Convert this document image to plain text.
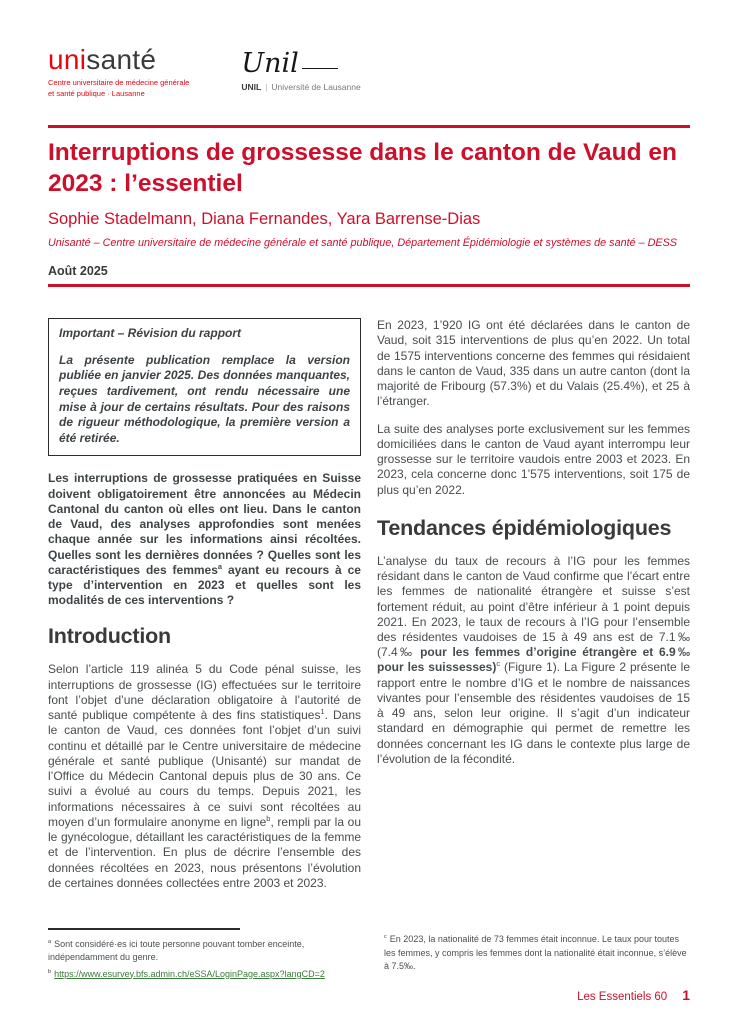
unisanté
Centre universitaire de médecine générale
et santé publique · Lausanne
Unil
UNIL | Université de Lausanne
Interruptions de grossesse dans le canton de Vaud en 2023 : l’essentiel
Sophie Stadelmann, Diana Fernandes, Yara Barrense-Dias
Unisanté – Centre universitaire de médecine générale et santé publique, Département Épidémiologie et systèmes de santé – DESS
Août 2025

Important – Révision du rapport

La présente publication remplace la version publiée en janvier 2025. Des données manquantes, reçues tardivement, ont rendu nécessaire une mise à jour de certains résultats. Pour des raisons de rigueur méthodologique, la première version a été retirée.

Les interruptions de grossesse pratiquées en Suisse doivent obligatoirement être annoncées au Médecin Cantonal du canton où elles ont lieu. Dans le canton de Vaud, des analyses approfondies sont menées chaque année sur les informations ainsi récoltées. Quelles sont les dernières données ? Quelles sont les caractéristiques des femmes$^a$ ayant eu recours à ce type d’intervention en 2023 et quelles sont les modalités de ces interventions ?

Introduction

Selon l’article 119 alinéa 5 du Code pénal suisse, les interruptions de grossesse (IG) effectuées sur le territoire font l’objet d’une déclaration obligatoire à l’autorité de santé publique compétente à des fins statistiques$^1$. Dans le canton de Vaud, ces données font l’objet d’un suivi continu et détaillé par le Centre universitaire de médecine générale et santé publique (Unisanté) sur mandat de l’Office du Médecin Cantonal depuis plus de 30 ans. Ce suivi a évolué au cours du temps. Depuis 2021, les informations nécessaires à ce suivi sont récoltées au moyen d’un formulaire anonyme en ligne$^b$, rempli par la ou le gynécologue, détaillant les caractéristiques de la femme et de l’intervention. En plus de décrire l’ensemble des données récoltées en 2023, nous présentons l’évolution de certaines données collectées entre 2003 et 2023.

En 2023, 1’920 IG ont été déclarées dans le canton de Vaud, soit 315 interventions de plus qu’en 2022. Un total de 1575 interventions concerne des femmes qui résidaient dans le canton de Vaud, 335 dans un autre canton (dont la majorité de Fribourg (57.3%) et du Valais (25.4%), et 25 à l’étranger.

La suite des analyses porte exclusivement sur les femmes domiciliées dans le canton de Vaud ayant interrompu leur grossesse sur le territoire vaudois entre 2003 et 2023. En 2023, cela concerne donc 1’575 interventions, soit 175 de plus qu’en 2022.

Tendances épidémiologiques

L’analyse du taux de recours à l’IG pour les femmes résidant dans le canton de Vaud confirme que l’écart entre les femmes de nationalité étrangère et suisse s’est fortement réduit, au point d’être inférieur à 1 point depuis 2021. En 2023, le taux de recours à l’IG pour l’ensemble des résidentes vaudoises de 15 à 49 ans est de 7.1‰ (7.4‰ pour les femmes d’origine étrangère et 6.9‰ pour les suissesses)$^c$ (Figure 1). La Figure 2 présente le rapport entre le nombre d’IG et le nombre de naissances vivantes pour l’ensemble des résidentes vaudoises de 15 à 49 ans, selon leur origine. Il s’agit d’un indicateur standard en démographie qui permet de remettre les données concernant les IG dans le contexte plus large de l’évolution de la fécondité.

$^a$ Sont considéré·es ici toute personne pouvant tomber enceinte, indépendamment du genre.
$^b$ https://www.esurvey.bfs.admin.ch/eSSA/LoginPage.aspx?langCD=2
$^c$ En 2023, la nationalité de 73 femmes était inconnue. Le taux pour toutes les femmes, y compris les femmes dont la nationalité était inconnue, s’élève à 7.5‰.
Les Essentiels 60 1
